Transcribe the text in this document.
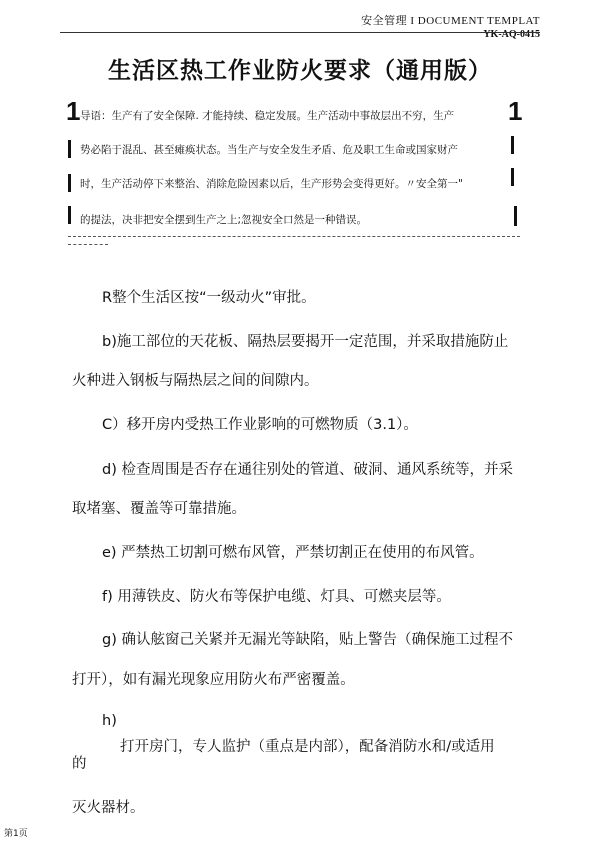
安全管理 I DOCUMENT TEMPLAT
YK-AQ-0415
生活区热工作业防火要求（通用版）
1	1
导语：生产有了安全保障. 才能持续、稳定发展。生产活动中事故层出不穷，生产
势必陷于混乱、甚至瘫痪状态。当生产与安全发生矛盾、危及职工生命或国家财产
时，生产活动停下来整治、消除危险因素以后，生产形势会变得更好。〃安全第一"
的提法，决非把安全摆到生产之上;忽视安全口然是一种错误。
R整个生活区按“一级动火”审批。
b)施工部位的天花板、隔热层要揭开一定范围，并采取措施防止
火种进入钢板与隔热层之间的间隙内。
C）移开房内受热工作业影响的可燃物质（3.1）。
d) 检查周围是否存在通往别处的管道、破洞、通风系统等，并采
取堵塞、覆盖等可靠措施。
e) 严禁热工切割可燃布风管，严禁切割正在使用的布风管。
f) 用薄铁皮、防火布等保护电缆、灯具、可燃夹层等。
g) 确认舷窗己关紧并无漏光等缺陷，贴上警告（确保施工过程不
打开），如有漏光现象应用防火布严密覆盖。
h)
打开房门，专人监护（重点是内部），配备消防水和/或适用
的
灭火器材。
第1页
